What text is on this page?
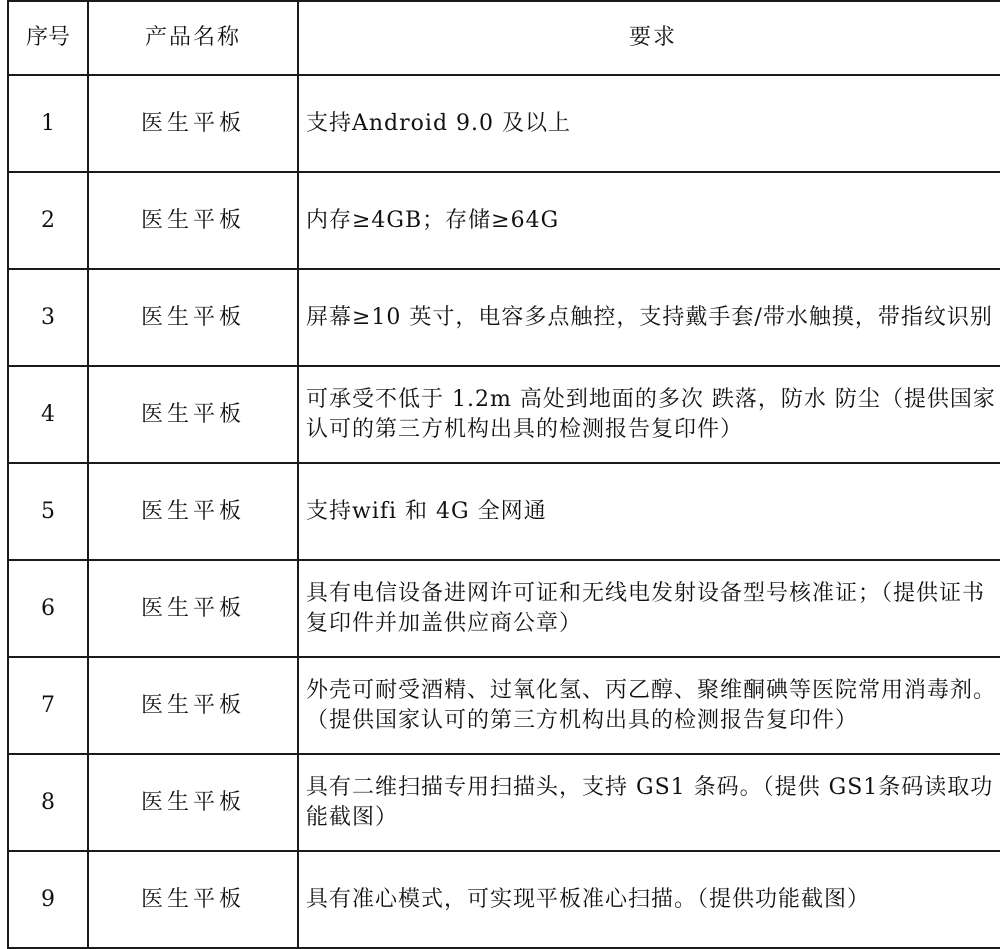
序号	产品名称	要求
1	医生平板	支持Android 9.0 及以上
2	医生平板	内存≥4GB；存储≥64G
3	医生平板	屏幕≥10 英寸，电容多点触控，支持戴手套/带水触摸，带指纹识别
4	医生平板	可承受不低于 1.2m 高处到地面的多次 跌落，防水 防尘（提供国家认可的第三方机构出具的检测报告复印件）
5	医生平板	支持wifi 和 4G 全网通
6	医生平板	具有电信设备进网许可证和无线电发射设备型号核准证；（提供证书复印件并加盖供应商公章）
7	医生平板	外壳可耐受酒精、过氧化氢、丙乙醇、聚维酮碘等医院常用消毒剂。（提供国家认可的第三方机构出具的检测报告复印件）
8	医生平板	具有二维扫描专用扫描头，支持 GS1 条码。（提供 GS1条码读取功能截图）
9	医生平板	具有准心模式，可实现平板准心扫描。（提供功能截图）
